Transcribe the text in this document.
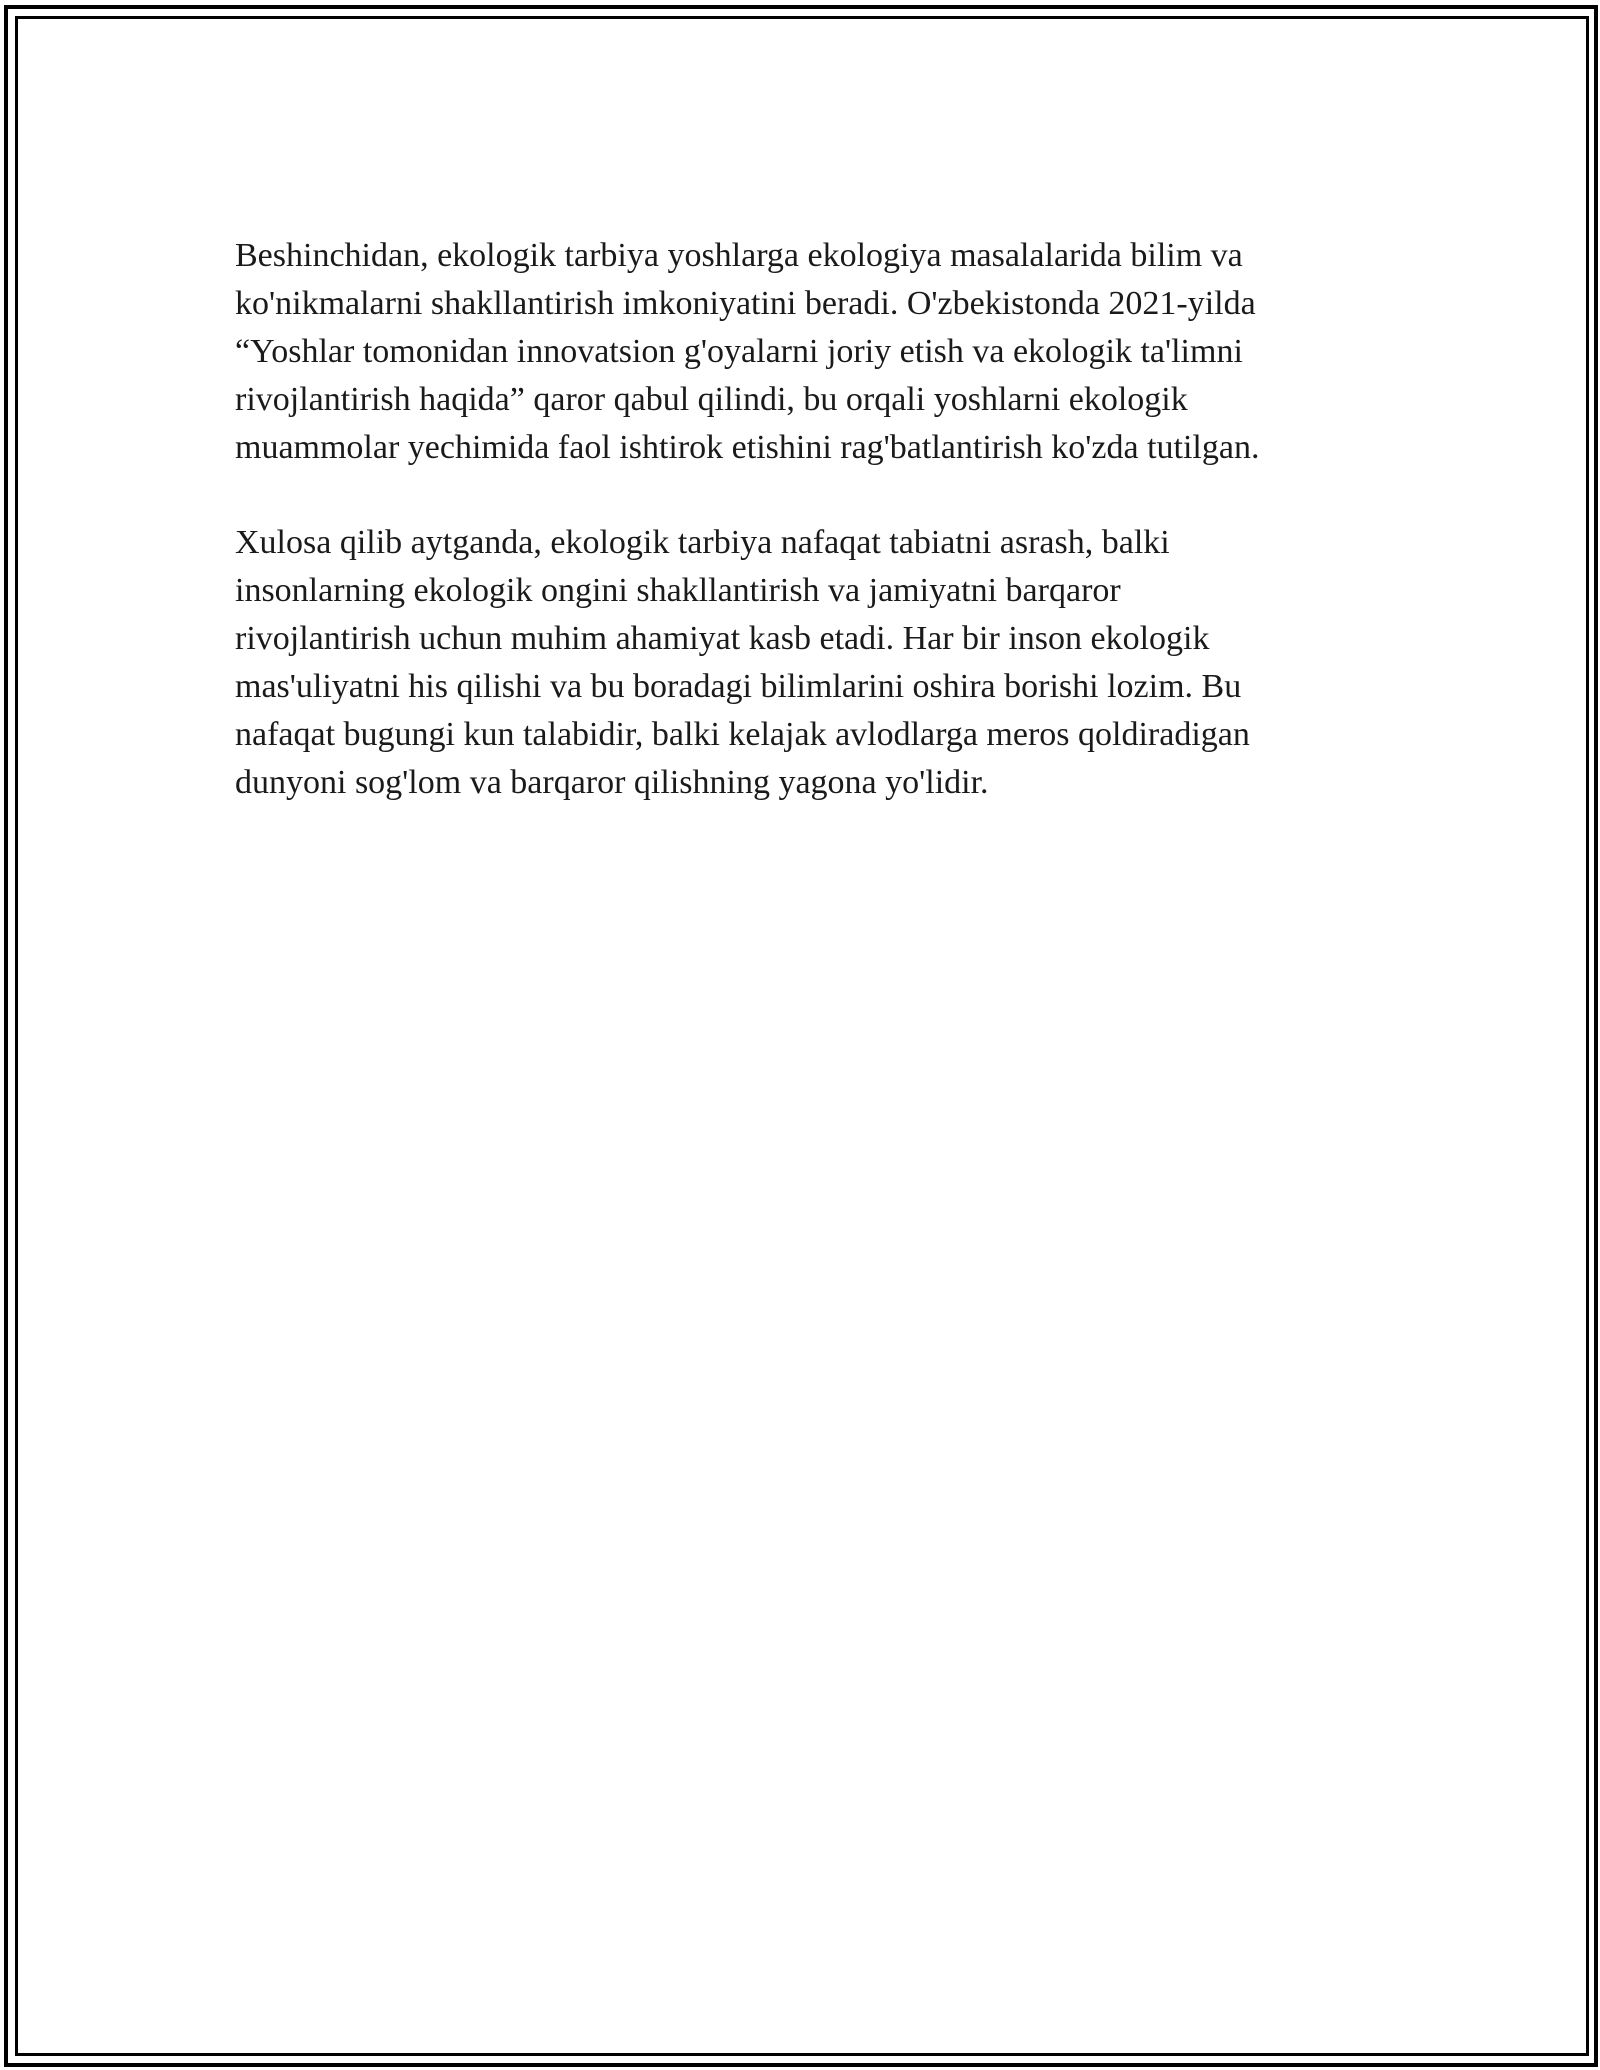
Beshinchidan, ekologik tarbiya yoshlarga ekologiya masalalarida bilim va
ko'nikmalarni shakllantirish imkoniyatini beradi. O'zbekistonda 2021-yilda
“Yoshlar tomonidan innovatsion g'oyalarni joriy etish va ekologik ta'limni
rivojlantirish haqida” qaror qabul qilindi, bu orqali yoshlarni ekologik
muammolar yechimida faol ishtirok etishini rag'batlantirish ko'zda tutilgan.

Xulosa qilib aytganda, ekologik tarbiya nafaqat tabiatni asrash, balki
insonlarning ekologik ongini shakllantirish va jamiyatni barqaror
rivojlantirish uchun muhim ahamiyat kasb etadi. Har bir inson ekologik
mas'uliyatni his qilishi va bu boradagi bilimlarini oshira borishi lozim. Bu
nafaqat bugungi kun talabidir, balki kelajak avlodlarga meros qoldiradigan
dunyoni sog'lom va barqaror qilishning yagona yo'lidir.
